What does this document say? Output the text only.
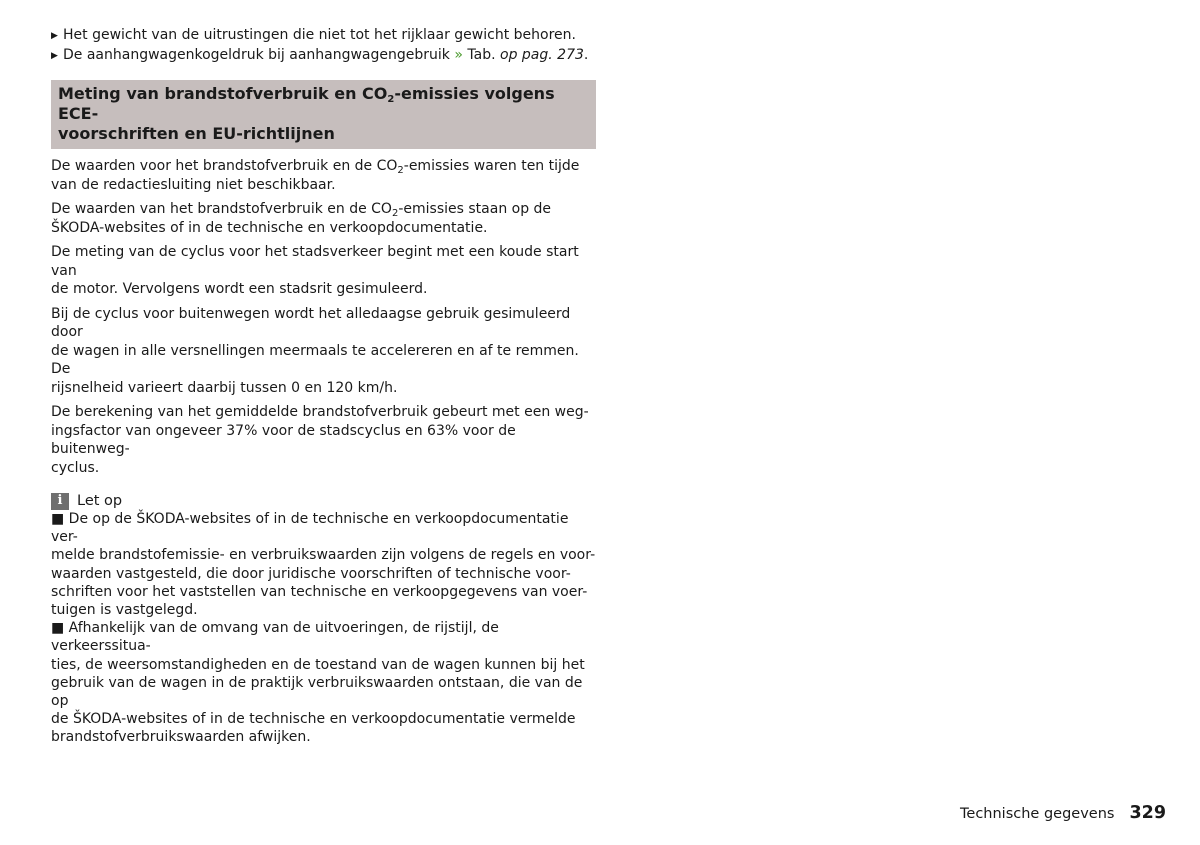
▶ Het gewicht van de uitrustingen die niet tot het rijklaar gewicht behoren.

▶ De aanhangwagenkogeldruk bij aanhangwagengebruik » Tab. op pag. 273.

Meting van brandstofverbruik en $CO_2$-emissies volgens ECE-

voorschriften en EU-richtlijnen

De waarden voor het brandstofverbruik en de $CO_2$-emissies waren ten tijde
van de redactiesluiting niet beschikbaar.

De waarden van het brandstofverbruik en de $CO_2$-emissies staan op de
ŠKODA-websites of in de technische en verkoopdocumentatie.

De meting van de cyclus voor het stadsverkeer begint met een koude start van
de motor. Vervolgens wordt een stadsrit gesimuleerd.

Bij de cyclus voor buitenwegen wordt het alledaagse gebruik gesimuleerd door
de wagen in alle versnellingen meermaals te accelereren en af te remmen. De
rijsnelheid varieert daarbij tussen 0 en 120 km/h.

De berekening van het gemiddelde brandstofverbruik gebeurt met een weg-
ingsfactor van ongeveer 37% voor de stadscyclus en 63% voor de buitenweg-
cyclus.

i	Let op

■ De op de ŠKODA-websites of in de technische en verkoopdocumentatie ver-
melde brandstofemissie- en verbruikswaarden zijn volgens de regels en voor-
waarden vastgesteld, die door juridische voorschriften of technische voor-
schriften voor het vaststellen van technische en verkoopgegevens van voer-
tuigen is vastgelegd.

■ Afhankelijk van de omvang van de uitvoeringen, de rijstijl, de verkeerssitua-
ties, de weersomstandigheden en de toestand van de wagen kunnen bij het
gebruik van de wagen in de praktijk verbruikswaarden ontstaan, die van de op
de ŠKODA-websites of in de technische en verkoopdocumentatie vermelde
brandstofverbruikswaarden afwijken.

Technische gegevens 329
